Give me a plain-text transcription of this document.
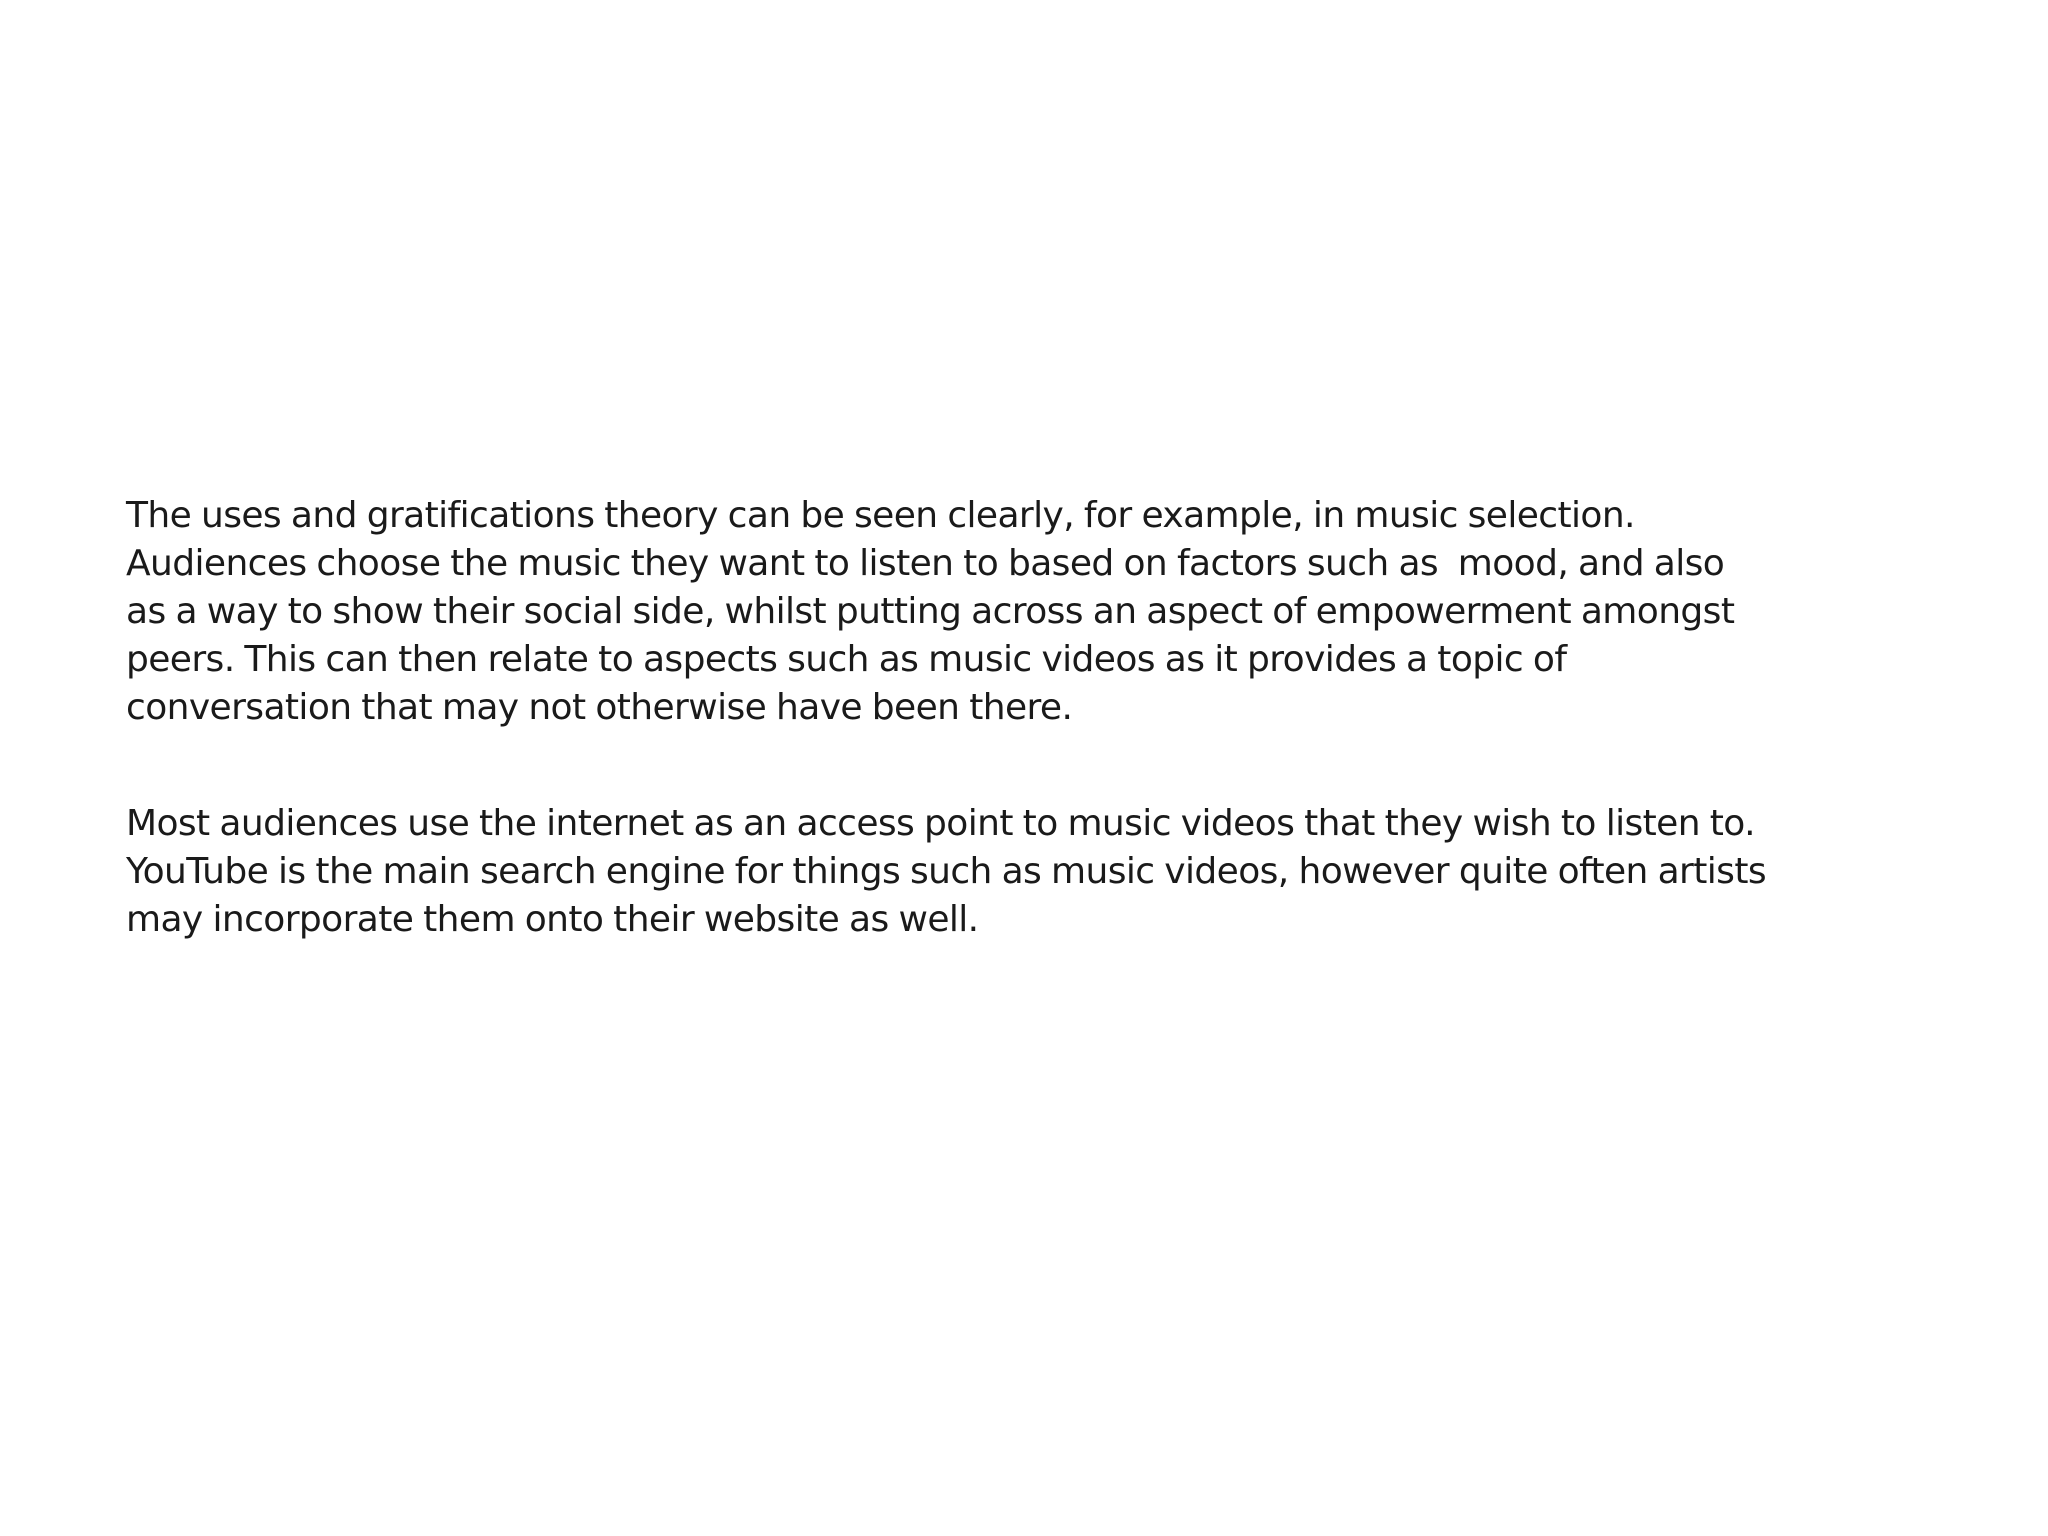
The uses and gratifications theory can be seen clearly, for example, in music selection.
Audiences choose the music they want to listen to based on factors such as  mood, and also
as a way to show their social side, whilst putting across an aspect of empowerment amongst
peers. This can then relate to aspects such as music videos as it provides a topic of
conversation that may not otherwise have been there.
Most audiences use the internet as an access point to music videos that they wish to listen to.
YouTube is the main search engine for things such as music videos, however quite often artists
may incorporate them onto their website as well.
